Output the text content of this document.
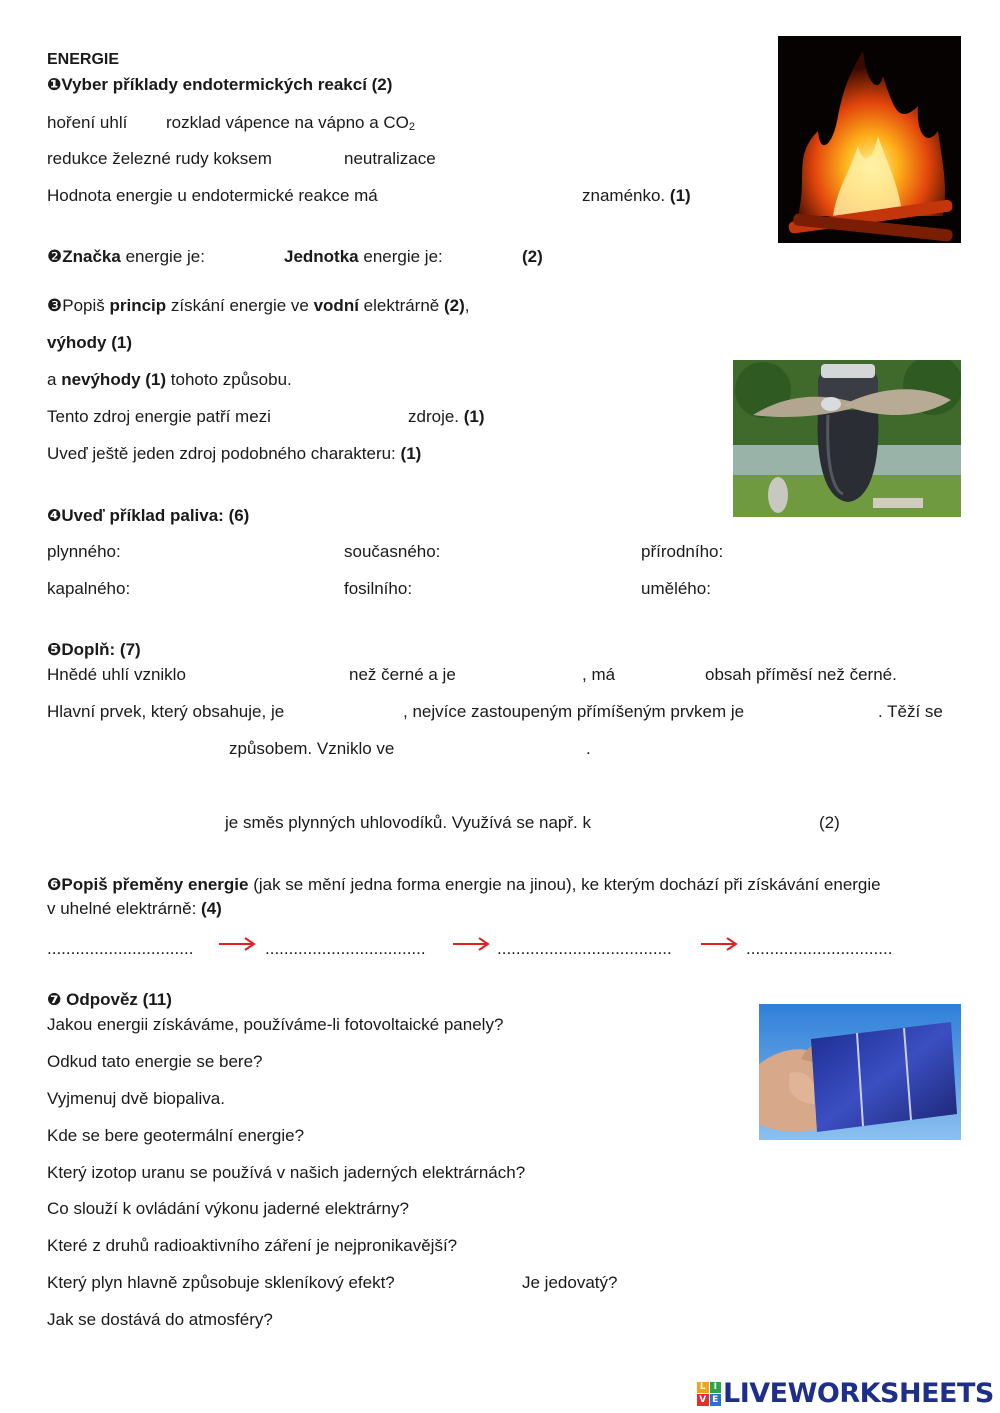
ENERGIE
❶Vyber příklady endotermických reakcí (2)
hoření uhlí rozklad vápence na vápno a $CO_2$
redukce železné rudy koksem	neutralizace
Hodnota energie u endotermické reakce má	znaménko. (1)
❷Značka energie je:	Jednotka energie je:	(2)
❸Popiš princip získání energie ve vodní elektrárně (2),
výhody (1)
a nevýhody (1) tohoto způsobu.
Tento zdroj energie patří mezi	zdroje. (1)
Uveď ještě jeden zdroj podobného charakteru: (1)
❹Uveď příklad paliva: (6)
plynného:	současného:	přírodního:
kapalného:	fosilního:	umělého:
❺Doplň: (7)
Hnědé uhlí vzniklo	než černé a je	, má	obsah příměsí než černé.
Hlavní prvek, který obsahuje, je	, nejvíce zastoupeným přímíšeným prvkem je	. Těží se
způsobem. Vzniklo ve	.
je směs plynných uhlovodíků. Využívá se např. k	(2)
❻Popiš přeměny energie (jak se mění jedna forma energie na jinou), ke kterým dochází při získávání energie
v uhelné elektrárně: (4)
...............................	..................................	.....................................	...............................
❼ Odpověz (11)
Jakou energii získáváme, používáme-li fotovoltaické panely?
Odkud tato energie se bere?
Vyjmenuj dvě biopaliva.
Kde se bere geotermální energie?
Který izotop uranu se používá v našich jaderných elektrárnách?
Co slouží k ovládání výkonu jaderné elektrárny?
Které z druhů radioaktivního záření je nejpronikavější?
Který plyn hlavně způsobuje skleníkový efekt?	Je jedovatý?
Jak se dostává do atmosféry?
L I
V E LIVEWORKSHEETS
